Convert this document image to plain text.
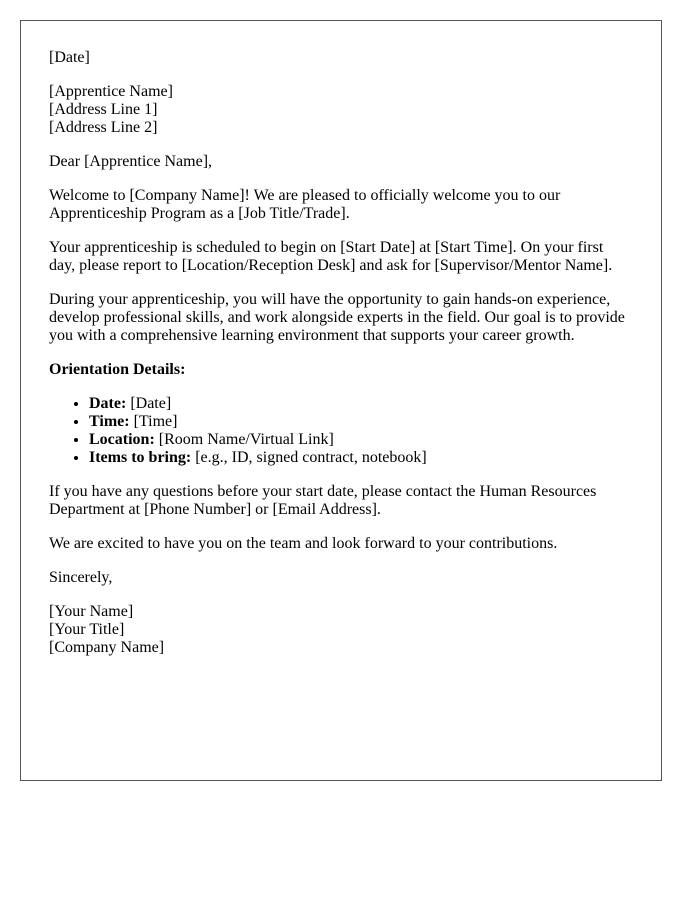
[Date]

[Apprentice Name]
[Address Line 1]
[Address Line 2]

Dear [Apprentice Name],

Welcome to [Company Name]! We are pleased to officially welcome you to our Apprenticeship Program as a [Job Title/Trade].

Your apprenticeship is scheduled to begin on [Start Date] at [Start Time]. On your first day, please report to [Location/Reception Desk] and ask for [Supervisor/Mentor Name].

During your apprenticeship, you will have the opportunity to gain hands-on experience, develop professional skills, and work alongside experts in the field. Our goal is to provide you with a comprehensive learning environment that supports your career growth.

Orientation Details:

• Date: [Date]
• Time: [Time]
• Location: [Room Name/Virtual Link]
• Items to bring: [e.g., ID, signed contract, notebook]

If you have any questions before your start date, please contact the Human Resources Department at [Phone Number] or [Email Address].

We are excited to have you on the team and look forward to your contributions.

Sincerely,

[Your Name]
[Your Title]
[Company Name]
